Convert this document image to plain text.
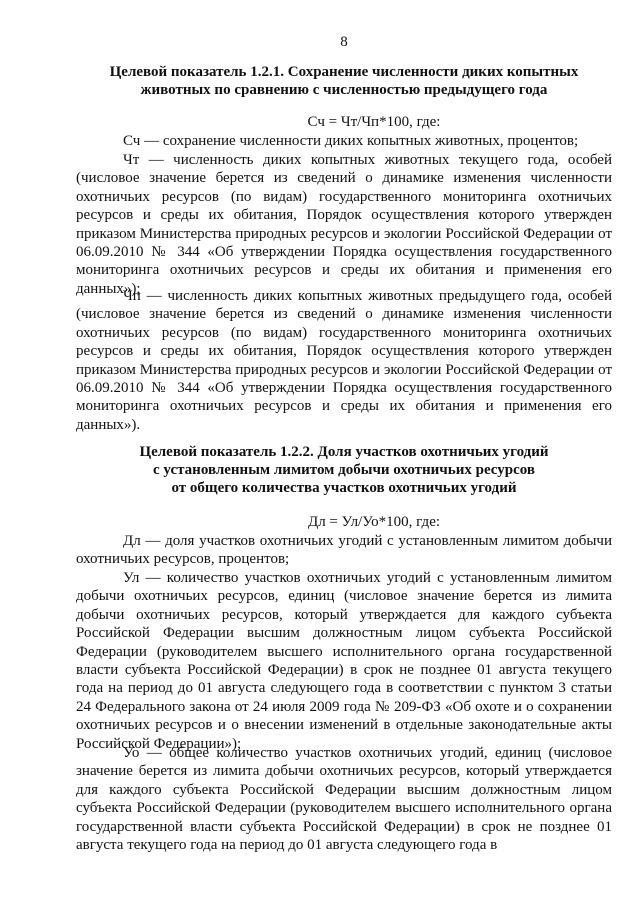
8
Целевой показатель 1.2.1. Сохранение численности диких копытных
животных по сравнению с численностью предыдущего года
Сч = Чт/Чп*100, где:

Сч — сохранение численности диких копытных животных, процентов;

Чт — численность диких копытных животных текущего года, особей (числовое значение берется из сведений о динамике изменения численности охотничьих ресурсов (по видам) государственного мониторинга охотничьих ресурсов и среды их обитания, Порядок осуществления которого утвержден приказом Министерства природных ресурсов и экологии Российской Федерации от 06.09.2010 № 344 «Об утверждении Порядка осуществления государственного мониторинга охотничьих ресурсов и среды их обитания и применения его данных»);

Чп — численность диких копытных животных предыдущего года, особей (числовое значение берется из сведений о динамике изменения численности охотничьих ресурсов (по видам) государственного мониторинга охотничьих ресурсов и среды их обитания, Порядок осуществления которого утвержден приказом Министерства природных ресурсов и экологии Российской Федерации от 06.09.2010 № 344 «Об утверждении Порядка осуществления государственного мониторинга охотничьих ресурсов и среды их обитания и применения его данных»).

Целевой показатель 1.2.2. Доля участков охотничьих угодий
с установленным лимитом добычи охотничьих ресурсов
от общего количества участков охотничьих угодий
Дл = Ул/Уо*100, где:

Дл — доля участков охотничьих угодий с установленным лимитом добычи охотничьих ресурсов, процентов;

Ул — количество участков охотничьих угодий с установленным лимитом добычи охотничьих ресурсов, единиц (числовое значение берется из лимита добычи охотничьих ресурсов, который утверждается для каждого субъекта Российской Федерации высшим должностным лицом субъекта Российской Федерации (руководителем высшего исполнительного органа государственной власти субъекта Российской Федерации) в срок не позднее 01 августа текущего года на период до 01 августа следующего года в соответствии с пунктом 3 статьи 24 Федерального закона от 24 июля 2009 года № 209-ФЗ «Об охоте и о сохранении охотничьих ресурсов и о внесении изменений в отдельные законодательные акты Российской Федерации»);

Уо — общее количество участков охотничьих угодий, единиц (числовое значение берется из лимита добычи охотничьих ресурсов, который утверждается для каждого субъекта Российской Федерации высшим должностным лицом субъекта Российской Федерации (руководителем высшего исполнительного органа государственной власти субъекта Российской Федерации) в срок не позднее 01 августа текущего года на период до 01 августа следующего года в
